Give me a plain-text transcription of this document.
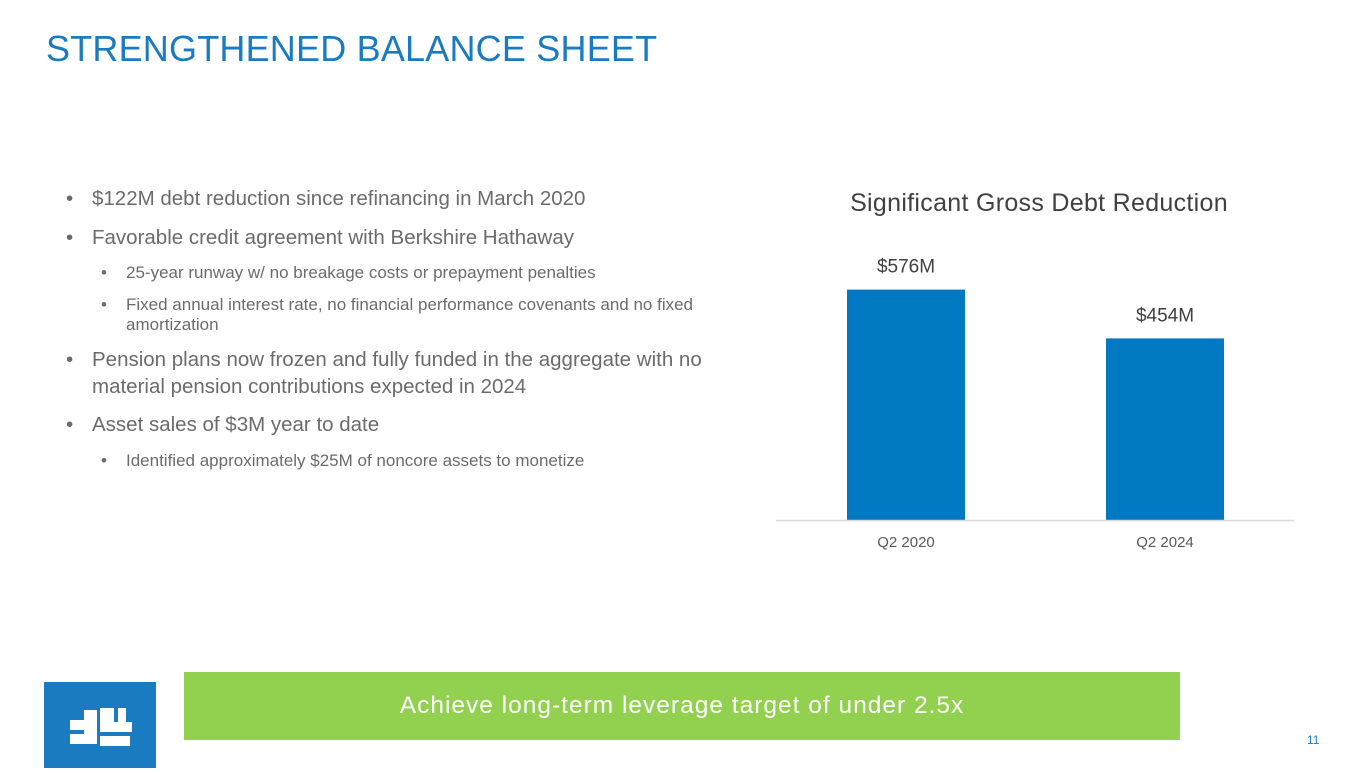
STRENGTHENED BALANCE SHEET
• $122M debt reduction since refinancing in March 2020
• Favorable credit agreement with Berkshire Hathaway
• 25-year runway w/ no breakage costs or prepayment penalties
• Fixed annual interest rate, no financial performance covenants and no fixed amortization
• Pension plans now frozen and fully funded in the aggregate with no material pension contributions expected in 2024
• Asset sales of $3M year to date
• Identified approximately $25M of noncore assets to monetize
Significant Gross Debt Reduction
$576M
$454M
Q2 2020	Q2 2024
Achieve long-term leverage target of under 2.5x
11
